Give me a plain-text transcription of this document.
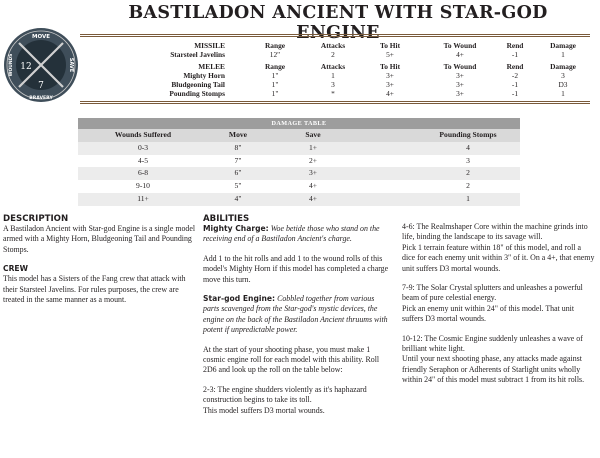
BASTILADON ANCIENT WITH STAR-GOD ENGINE
MOVE
BRAVERY
WOUNDS	SAVE
12
7
MISSILE	Range	Attacks	To Hit	To Wound	Rend	Damage
Starsteel Javelins	12"	2	5+	4+	-1	1
MELEE	Range	Attacks	To Hit	To Wound	Rend	Damage
Mighty Horn	1"	1	3+	3+	-2	3
Bludgeoning Tail	1"	3	3+	3+	-1	D3
Pounding Stomps	1"	*	4+	3+	-1	1
DAMAGE TABLE
Wounds Suffered	Move	Save	Pounding Stomps
0-3	8"	1+	4
4-5	7"	2+	3
6-8	6"	3+	2
9-10	5"	4+	2
11+	4"	4+	1
DESCRIPTION
A Bastiladon Ancient with Star-god Engine is a single model armed with a Mighty Horn, Bludgeoning Tail and Pounding Stomps.
CREW
This model has a Sisters of the Fang crew that attack with their Starsteel Javelins. For rules purposes, the crew are treated in the same manner as a mount.
ABILITIES
Mighty Charge: Woe betide those who stand on the receiving end of a Bastiladon Ancient's charge.
Add 1 to the hit rolls and add 1 to the wound rolls of this model's Mighty Horn if this model has completed a charge move this turn.
Star-god Engine: Cobbled together from various parts scavenged from the Star-god's mystic devices, the engine on the back of the Bastiladon Ancient thruums with potent if unpredictable power.
At the start of your shooting phase, you must make 1 cosmic engine roll for each model with this ability. Roll 2D6 and look up the roll on the table below:
2-3: The engine shudders violently as it's haphazard construction begins to take its toll.
This model suffers D3 mortal wounds.
4-6: The Realmshaper Core within the machine grinds into life, binding the landscape to its savage will.
Pick 1 terrain feature within 18" of this model, and roll a dice for each enemy unit within 3" of it. On a 4+, that enemy unit suffers D3 mortal wounds.
7-9: The Solar Crystal splutters and unleashes a powerful beam of pure celestial energy.
Pick an enemy unit within 24" of this model. That unit suffers D3 mortal wounds.
10-12: The Cosmic Engine suddenly unleashes a wave of brilliant white light.
Until your next shooting phase, any attacks made against friendly Seraphon or Adherents of Starlight units wholly within 24" of this model must subtract 1 from its hit rolls.
